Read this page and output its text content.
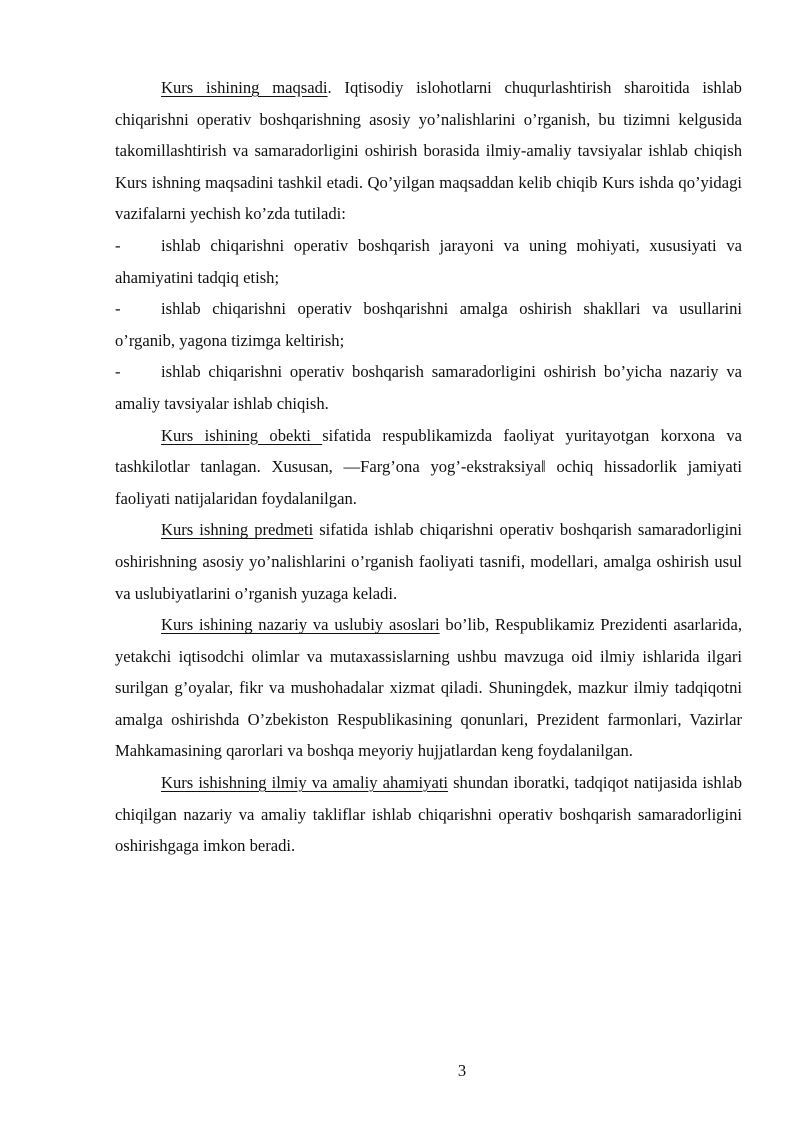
Kurs ishining maqsadi. Iqtisodiy islohotlarni chuqurlashtirish sharoitida ishlab chiqarishni operativ boshqarishning asosiy yo’nalishlarini o’rganish, bu tizimni kelgusida takomillashtirish va samaradorligini oshirish borasida ilmiy-amaliy tavsiyalar ishlab chiqish Kurs ishning maqsadini tashkil etadi. Qo’yilgan maqsaddan kelib chiqib Kurs ishda qo’yidagi vazifalarni yechish ko’zda tutiladi:

- ishlab chiqarishni operativ boshqarish jarayoni va uning mohiyati, xususiyati va ahamiyatini tadqiq etish;

- ishlab chiqarishni operativ boshqarishni amalga oshirish shakllari va usullarini o’rganib, yagona tizimga keltirish;

- ishlab chiqarishni operativ boshqarish samaradorligini oshirish bo’yicha nazariy va amaliy tavsiyalar ishlab chiqish.

Kurs ishining obekti sifatida respublikamizda faoliyat yuritayotgan korxona va tashkilotlar tanlagan. Xususan, ―Farg’ona yog’-ekstraksiya‖ ochiq hissadorlik jamiyati faoliyati natijalaridan foydalanilgan.

Kurs ishning predmeti sifatida ishlab chiqarishni operativ boshqarish samaradorligini oshirishning asosiy yo’nalishlarini o’rganish faoliyati tasnifi, modellari, amalga oshirish usul va uslubiyatlarini o’rganish yuzaga keladi.

Kurs ishining nazariy va uslubiy asoslari bo’lib, Respublikamiz Prezidenti asarlarida, yetakchi iqtisodchi olimlar va mutaxassislarning ushbu mavzuga oid ilmiy ishlarida ilgari surilgan g’oyalar, fikr va mushohadalar xizmat qiladi. Shuningdek, mazkur ilmiy tadqiqotni amalga oshirishda O’zbekiston Respublikasining qonunlari, Prezident farmonlari, Vazirlar Mahkamasining qarorlari va boshqa meyoriy hujjatlardan keng foydalanilgan.

Kurs ishishning ilmiy va amaliy ahamiyati shundan iboratki, tadqiqot natijasida ishlab chiqilgan nazariy va amaliy takliflar ishlab chiqarishni operativ boshqarish samaradorligini oshirishgaga imkon beradi.

3
